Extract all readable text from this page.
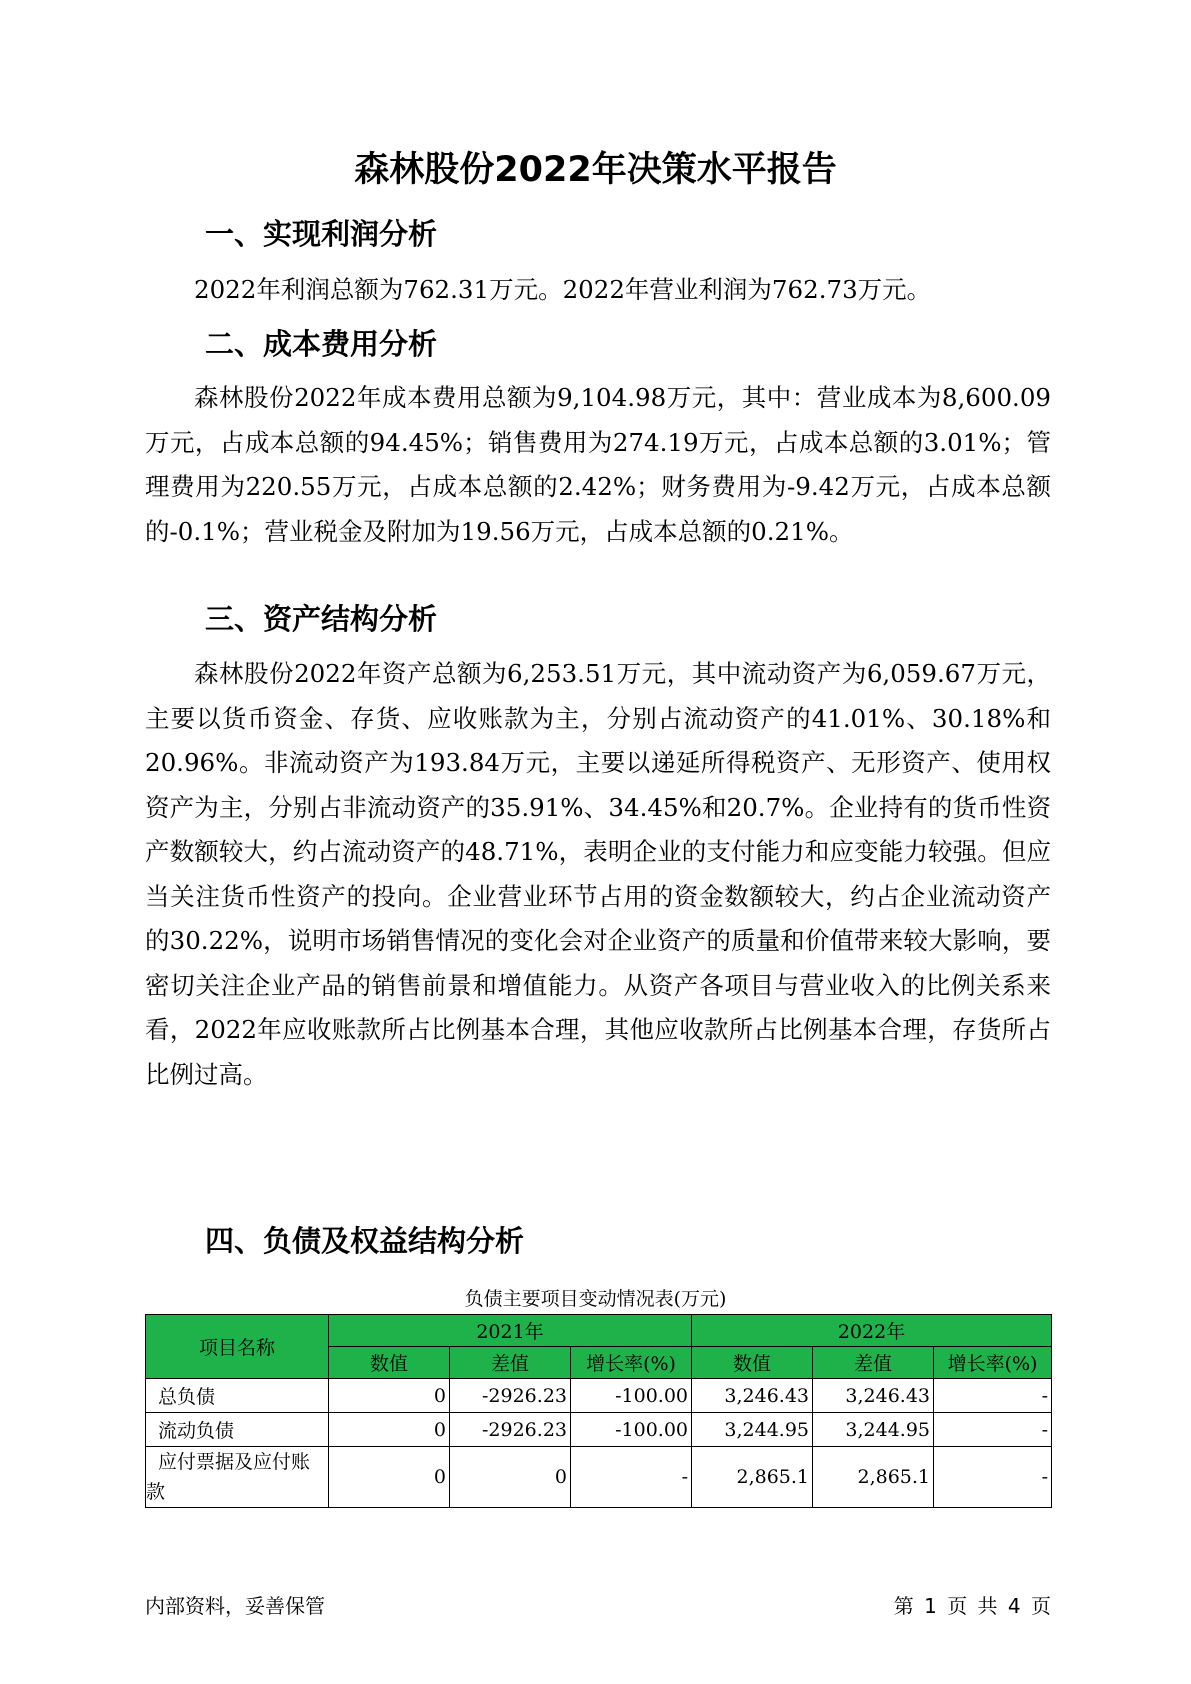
森林股份2022年决策水平报告
一、实现利润分析

2022年利润总额为762.31万元。2022年营业利润为762.73万元。

二、成本费用分析

森林股份2022年成本费用总额为9,104.98万元，其中：营业成本为8,600.09万元，占成本总额的94.45%；销售费用为274.19万元，占成本总额的3.01%；管理费用为220.55万元，占成本总额的2.42%；财务费用为-9.42万元，占成本总额的-0.1%；营业税金及附加为19.56万元，占成本总额的0.21%。

三、资产结构分析

森林股份2022年资产总额为6,253.51万元，其中流动资产为6,059.67万元，主要以货币资金、存货、应收账款为主，分别占流动资产的41.01%、30.18%和20.96%。非流动资产为193.84万元，主要以递延所得税资产、无形资产、使用权资产为主，分别占非流动资产的35.91%、34.45%和20.7%。企业持有的货币性资产数额较大，约占流动资产的48.71%，表明企业的支付能力和应变能力较强。但应当关注货币性资产的投向。企业营业环节占用的资金数额较大，约占企业流动资产的30.22%，说明市场销售情况的变化会对企业资产的质量和价值带来较大影响，要密切关注企业产品的销售前景和增值能力。从资产各项目与营业收入的比例关系来看，2022年应收账款所占比例基本合理，其他应收款所占比例基本合理，存货所占比例过高。

四、负债及权益结构分析
负债主要项目变动情况表(万元)
项目名称	2021年			2022年		
	数值	差值	增长率(%)	数值	差值	增长率(%)
总负债	0	-2926.23	-100.00	3,246.43	3,246.43	-
流动负债	0	-2926.23	-100.00	3,244.95	3,244.95	-

应付票据及应付账
款	0	0	-	2,865.1	2,865.1	-
内部资料，妥善保管	第 1 页 共 4 页
